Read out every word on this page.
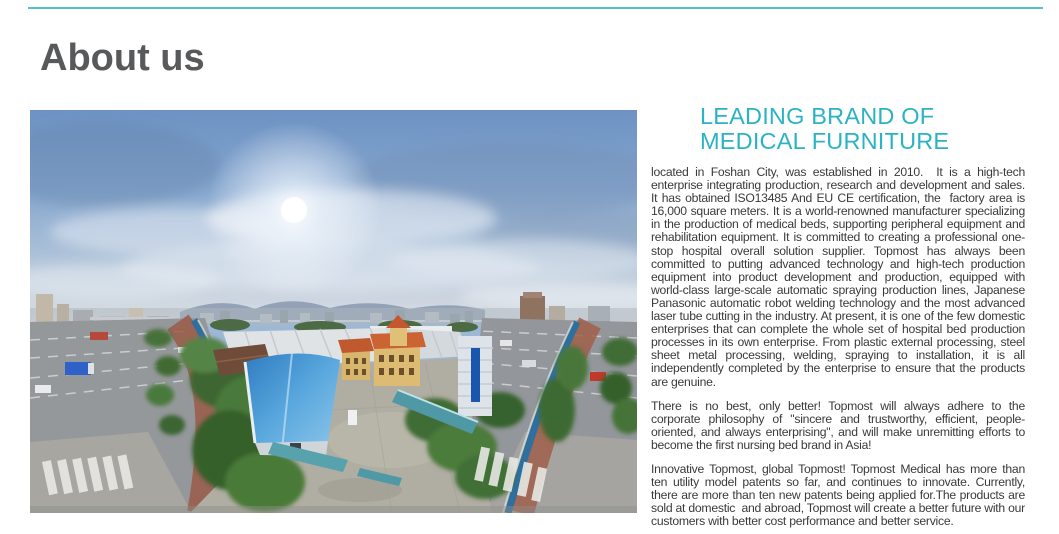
About us
LEADING BRAND OF
MEDICAL FURNITURE

located in Foshan City, was established in 2010.  It is a high-tech enterprise integrating production, research and development and sales. It has obtained ISO13485 And EU CE certification, the  factory area is 16,000 square meters. It is a world-renowned manufacturer specializing in the production of medical beds, supporting peripheral equipment and rehabilitation equipment. It is committed to creating a professional one-stop hospital overall solution supplier. Topmost has always been committed to putting advanced technology and high-tech production equipment into product development and production, equipped with world-class large-scale automatic spraying production lines, Japanese Panasonic automatic robot welding technology and the most advanced laser tube cutting in the industry. At present, it is one of the few domestic enterprises that can complete the whole set of hospital bed production processes in its own enterprise. From plastic external processing, steel sheet metal processing, welding, spraying to installation, it is all independently completed by the enterprise to ensure that the products are genuine.

There is no best, only better! Topmost will always adhere to the corporate philosophy of "sincere and trustworthy, efficient, people-oriented, and always enterprising", and will make unremitting efforts to become the first nursing bed brand in Asia!

Innovative Topmost, global Topmost! Topmost Medical has more than ten utility model patents so far, and continues to innovate. Currently, there are more than ten new patents being applied for.The products are sold at domestic  and abroad, Topmost will create a better future with our customers with better cost performance and better service.
